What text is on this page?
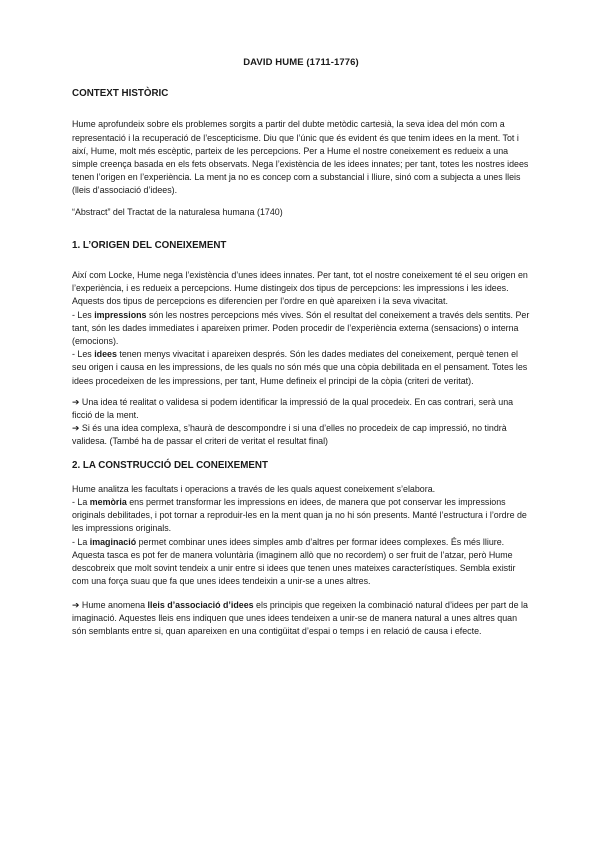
DAVID HUME (1711-1776)

CONTEXT HISTÒRIC

Hume aprofundeix sobre els problemes sorgits a partir del dubte metòdic cartesià, la seva idea del món com a representació i la recuperació de l’escepticisme. Diu que l’únic que és evident és que tenim idees en la ment. Tot i així, Hume, molt més escèptic, parteix de les percepcions. Per a Hume el nostre coneixement es redueix a una simple creença basada en els fets observats. Nega l’existència de les idees innates; per tant, totes les nostres idees tenen l’origen en l’experiència. La ment ja no es concep com a substancial i lliure, sinó com a subjecta a unes lleis (lleis d’associació d’idees).

“Abstract” del Tractat de la naturalesa humana (1740)

1. L’ORIGEN DEL CONEIXEMENT

Així com Locke, Hume nega l’existència d’unes idees innates. Per tant, tot el nostre coneixement té el seu origen en l’experiència, i es redueix a percepcions. Hume distingeix dos tipus de percepcions: les impressions i les idees. Aquests dos tipus de percepcions es diferencien per l’ordre en què apareixen i la seva vivacitat.

- Les impressions són les nostres percepcions més vives. Són el resultat del coneixement a través dels sentits. Per tant, són les dades immediates i apareixen primer. Poden procedir de l’experiència externa (sensacions) o interna (emocions).

- Les idees tenen menys vivacitat i apareixen després. Són les dades mediates del coneixement, perquè tenen el seu origen i causa en les impressions, de les quals no són més que una còpia debilitada en el pensament. Totes les idees procedeixen de les impressions, per tant, Hume defineix el principi de la còpia (criteri de veritat).

➔ Una idea té realitat o validesa si podem identificar la impressió de la qual procedeix. En cas contrari, serà una ficció de la ment.

➔ Si és una idea complexa, s’haurà de descompondre i si una d’elles no procedeix de cap impressió, no tindrà validesa. (També ha de passar el criteri de veritat el resultat final)

2. LA CONSTRUCCIÓ DEL CONEIXEMENT

Hume analitza les facultats i operacions a través de les quals aquest coneixement s’elabora.

- La memòria ens permet transformar les impressions en idees, de manera que pot conservar les impressions originals debilitades, i pot tornar a reproduir-les en la ment quan ja no hi són presents. Manté l’estructura i l’ordre de les impressions originals.

- La imaginació permet combinar unes idees simples amb d’altres per formar idees complexes. És més lliure. Aquesta tasca es pot fer de manera voluntària (imaginem allò que no recordem) o ser fruit de l’atzar, però Hume descobreix que molt sovint tendeix a unir entre si idees que tenen unes mateixes característiques. Sembla existir com una força suau que fa que unes idees tendeixin a unir-se a unes altres.

➔ Hume anomena lleis d’associació d’idees els principis que regeixen la combinació natural d’idees per part de la imaginació. Aquestes lleis ens indiquen que unes idees tendeixen a unir-se de manera natural a unes altres quan són semblants entre si, quan apareixen en una contigüitat d’espai o temps i en relació de causa i efecte.
